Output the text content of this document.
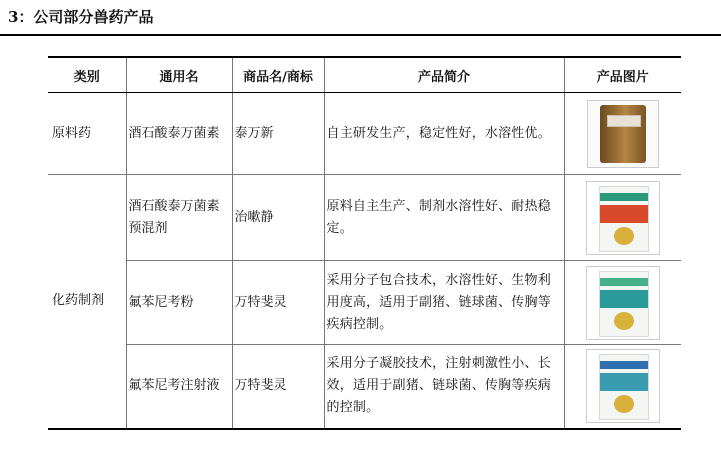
3：公司部分兽药产品
类别	通用名	商品名/商标	产品简介	产品图片
原料药	酒石酸泰万菌素	泰万新	自主研发生产，稳定性好，水溶性优。	

化药制剂	酒石酸泰万菌素预混剂	治嗽静	原料自主生产、制剂水溶性好、耐热稳定。	

	氟苯尼考粉	万特斐灵	采用分子包合技术，水溶性好、生物利用度高，适用于副猪、链球菌、传胸等疾病控制。	

	氟苯尼考注射液	万特斐灵	采用分子凝胶技术，注射刺激性小、长效，适用于副猪、链球菌、传胸等疾病的控制。	
